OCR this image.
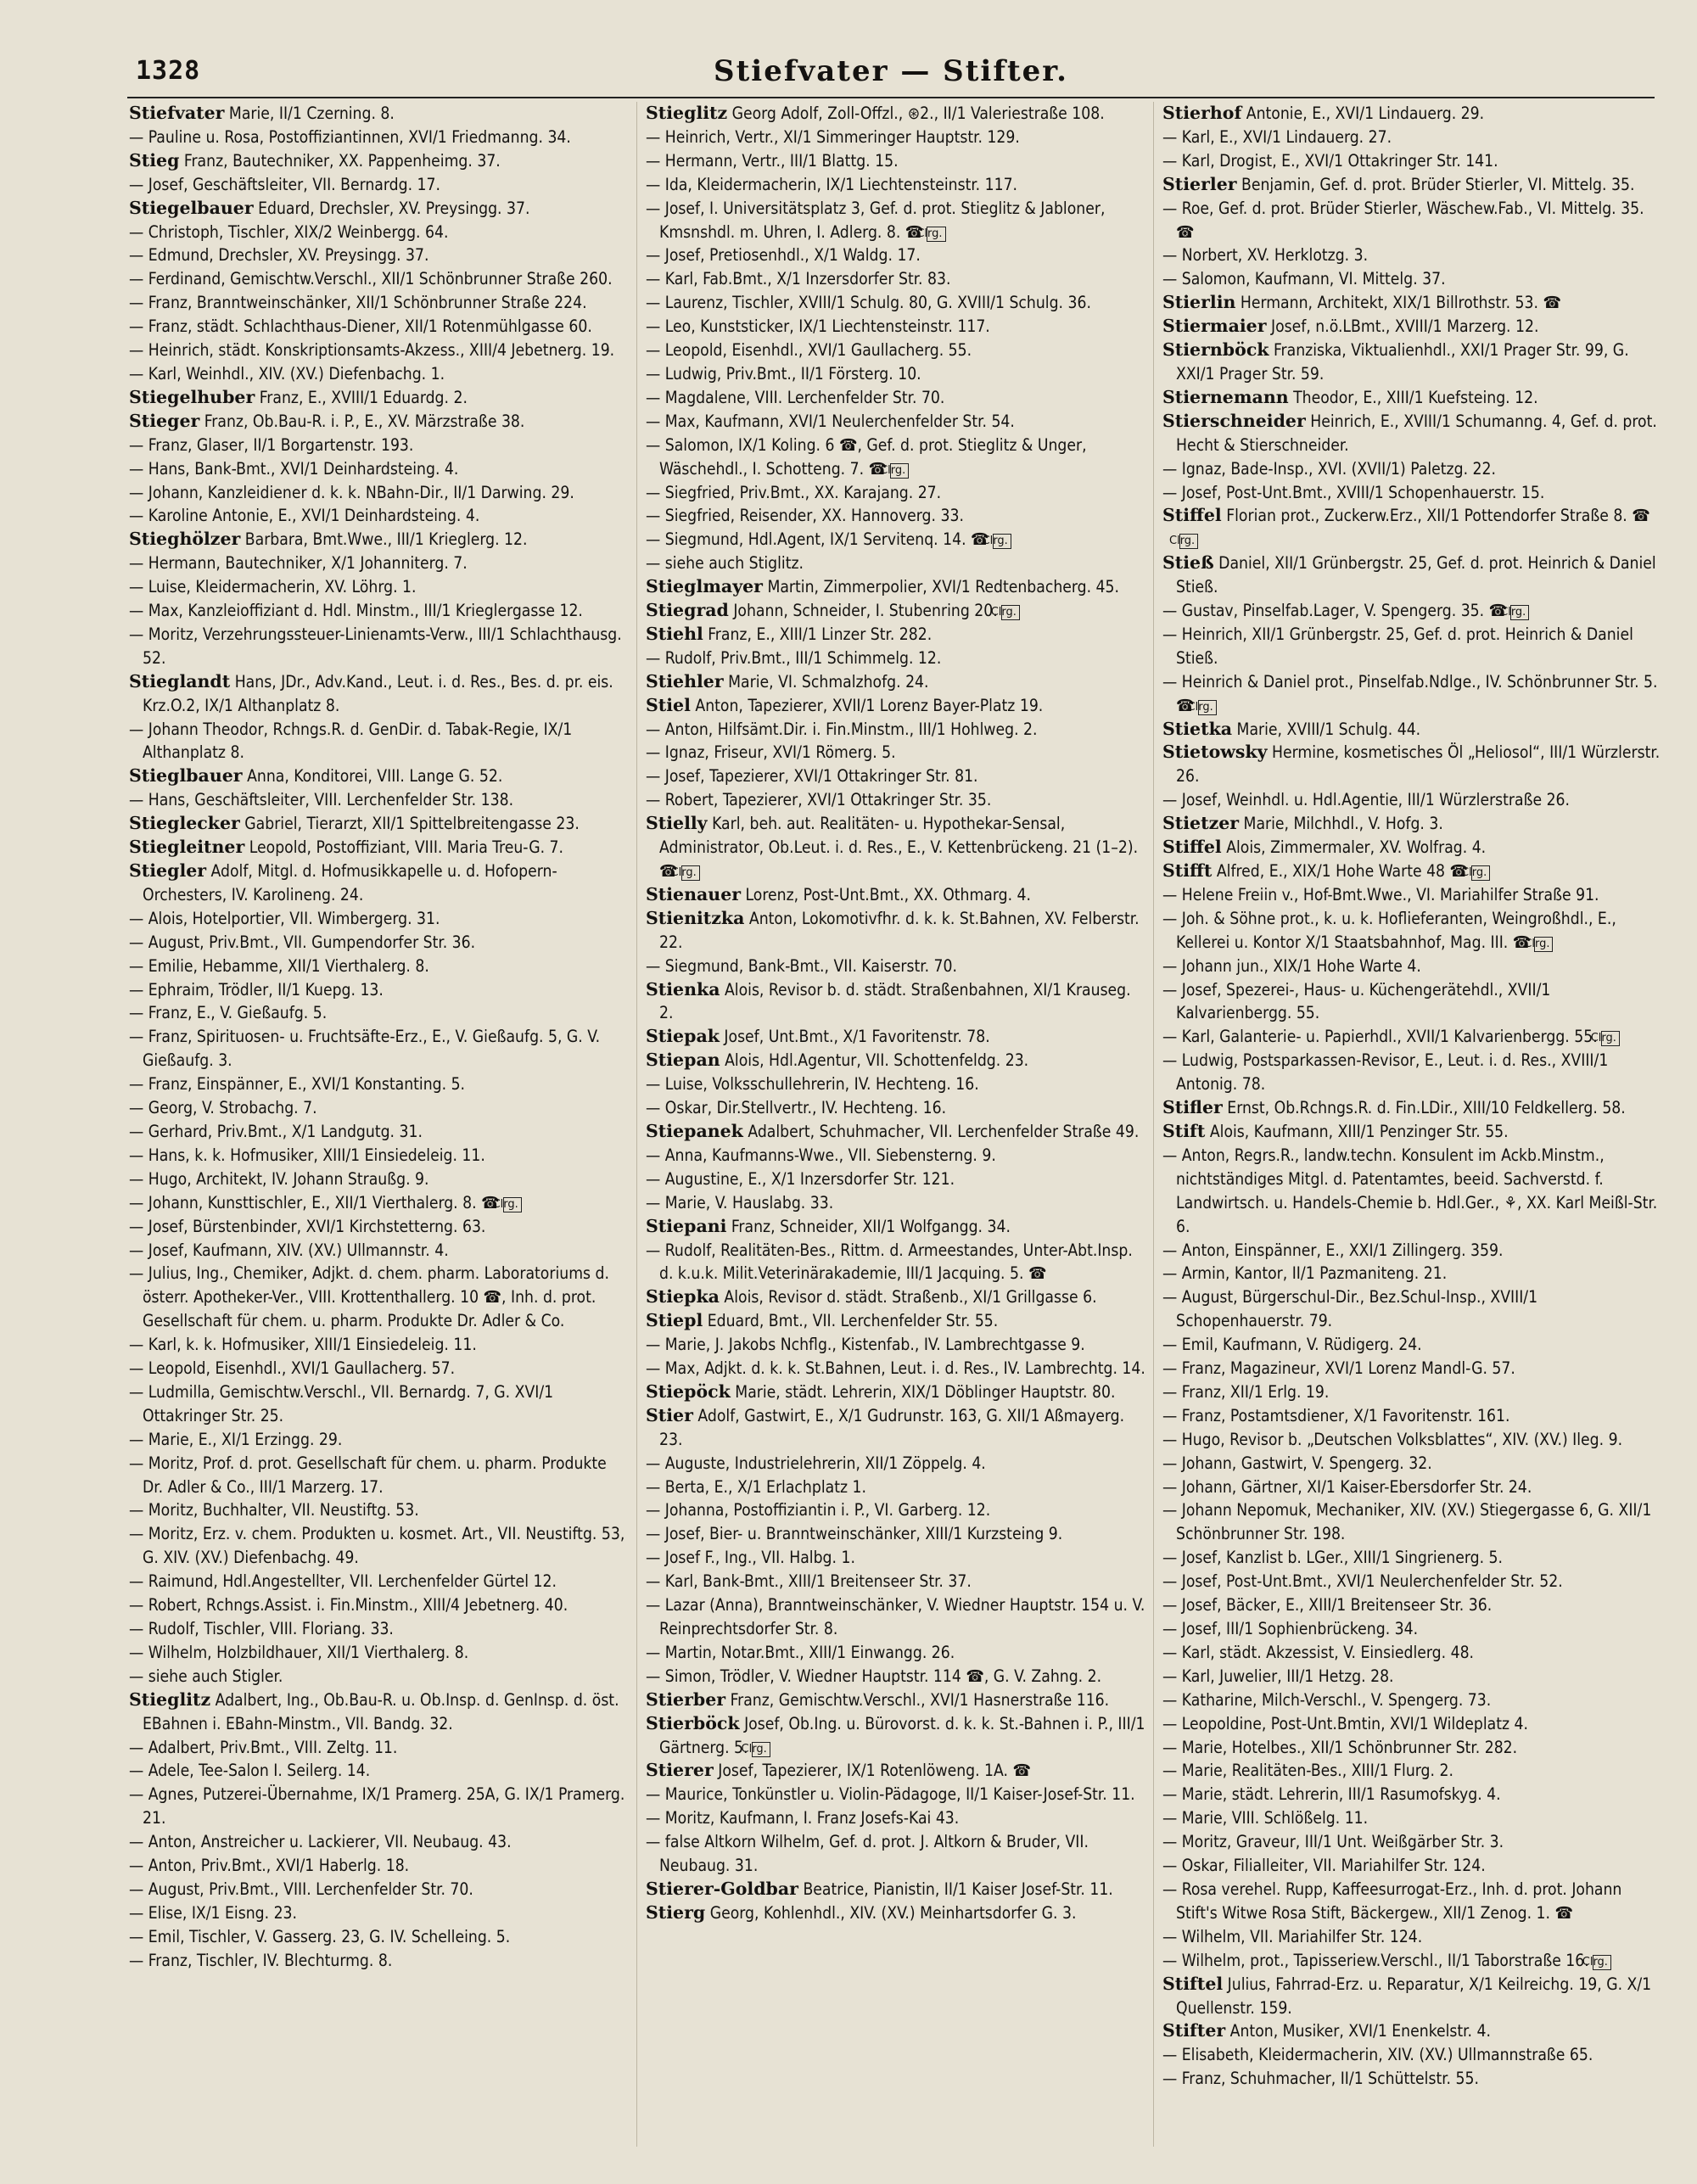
1328	Stiefvater — Stifter.
Stiefvater Marie, II/1 Czerning. 8.
— Pauline u. Rosa, Postoffiziantinnen, XVI/1 Friedmanng. 34.
Stieg Franz, Bautechniker, XX. Pappenheimg. 37.
— Josef, Geschäftsleiter, VII. Bernardg. 17.
Stiegelbauer Eduard, Drechsler, XV. Preysingg. 37.
— Christoph, Tischler, XIX/2 Weinbergg. 64.
— Edmund, Drechsler, XV. Preysingg. 37.
— Ferdinand, Gemischtw.Verschl., XII/1 Schönbrunner Straße 260.
— Franz, Branntweinschänker, XII/1 Schönbrunner Straße 224.
— Franz, städt. Schlachthaus-Diener, XII/1 Rotenmühlgasse 60.
— Heinrich, städt. Konskriptionsamts-Akzess., XIII/4 Jebetnerg. 19.
— Karl, Weinhdl., XIV. (XV.) Diefenbachg. 1.
Stiegelhuber Franz, E., XVIII/1 Eduardg. 2.
Stieger Franz, Ob.Bau-R. i. P., E., XV. Märzstraße 38.
— Franz, Glaser, II/1 Borgartenstr. 193.
— Hans, Bank-Bmt., XVI/1 Deinhardsteing. 4.
— Johann, Kanzleidiener d. k. k. NBahn-Dir., II/1 Darwing. 29.
— Karoline Antonie, E., XVI/1 Deinhardsteing. 4.
Stieghölzer Barbara, Bmt.Wwe., III/1 Krieglerg. 12.
— Hermann, Bautechniker, X/1 Johanniterg. 7.
— Luise, Kleidermacherin, XV. Löhrg. 1.
— Max, Kanzleioffiziant d. Hdl. Minstm., III/1 Krieglergasse 12.
— Moritz, Verzehrungssteuer-Linienamts-Verw., III/1 Schlachthausg. 52.
Stieglandt Hans, JDr., Adv.Kand., Leut. i. d. Res., Bes. d. pr. eis. Krz.O.2, IX/1 Althanplatz 8.
— Johann Theodor, Rchngs.R. d. GenDir. d. Tabak-Regie, IX/1 Althanplatz 8.
Stieglbauer Anna, Konditorei, VIII. Lange G. 52.
— Hans, Geschäftsleiter, VIII. Lerchenfelder Str. 138.
Stieglecker Gabriel, Tierarzt, XII/1 Spittelbreitengasse 23.
Stiegleitner Leopold, Postoffiziant, VIII. Maria Treu-G. 7.
Stiegler Adolf, Mitgl. d. Hofmusikkapelle u. d. Hofopern-Orchesters, IV. Karolineng. 24.
— Alois, Hotelportier, VII. Wimbergerg. 31.
— August, Priv.Bmt., VII. Gumpendorfer Str. 36.
— Emilie, Hebamme, XII/1 Vierthalerg. 8.
— Ephraim, Trödler, II/1 Kuepg. 13.
— Franz, E., V. Gießaufg. 5.
— Franz, Spirituosen- u. Fruchtsäfte-Erz., E., V. Gießaufg. 5, G. V. Gießaufg. 3.
— Franz, Einspänner, E., XVI/1 Konstanting. 5.
— Georg, V. Strobachg. 7.
— Gerhard, Priv.Bmt., X/1 Landgutg. 31.
— Hans, k. k. Hofmusiker, XIII/1 Einsiedeleig. 11.
— Hugo, Architekt, IV. Johann Straußg. 9.
— Johann, Kunsttischler, E., XII/1 Vierthalerg. 8. ☎Clrg.
— Josef, Bürstenbinder, XVI/1 Kirchstetterng. 63.
— Josef, Kaufmann, XIV. (XV.) Ullmannstr. 4.
— Julius, Ing., Chemiker, Adjkt. d. chem. pharm. Laboratoriums d. österr. Apotheker-Ver., VIII. Krottenthallerg. 10 ☎, Inh. d. prot. Gesellschaft für chem. u. pharm. Produkte Dr. Adler & Co.
— Karl, k. k. Hofmusiker, XIII/1 Einsiedeleig. 11.
— Leopold, Eisenhdl., XVI/1 Gaullacherg. 57.
— Ludmilla, Gemischtw.Verschl., VII. Bernardg. 7, G. XVI/1 Ottakringer Str. 25.
— Marie, E., XI/1 Erzingg. 29.
— Moritz, Prof. d. prot. Gesellschaft für chem. u. pharm. Produkte Dr. Adler & Co., III/1 Marzerg. 17.
— Moritz, Buchhalter, VII. Neustiftg. 53.
— Moritz, Erz. v. chem. Produkten u. kosmet. Art., VII. Neustiftg. 53, G. XIV. (XV.) Diefenbachg. 49.
— Raimund, Hdl.Angestellter, VII. Lerchenfelder Gürtel 12.
— Robert, Rchngs.Assist. i. Fin.Minstm., XIII/4 Jebetnerg. 40.
— Rudolf, Tischler, VIII. Floriang. 33.
— Wilhelm, Holzbildhauer, XII/1 Vierthalerg. 8.
— siehe auch Stigler.
Stieglitz Adalbert, Ing., Ob.Bau-R. u. Ob.Insp. d. GenInsp. d. öst. EBahnen i. EBahn-Minstm., VII. Bandg. 32.
— Adalbert, Priv.Bmt., VIII. Zeltg. 11.
— Adele, Tee-Salon I. Seilerg. 14.
— Agnes, Putzerei-Übernahme, IX/1 Pramerg. 25A, G. IX/1 Pramerg. 21.
— Anton, Anstreicher u. Lackierer, VII. Neubaug. 43.
— Anton, Priv.Bmt., XVI/1 Haberlg. 18.
— August, Priv.Bmt., VIII. Lerchenfelder Str. 70.
— Elise, IX/1 Eisng. 23.
— Emil, Tischler, V. Gasserg. 23, G. IV. Schelleing. 5.
— Franz, Tischler, IV. Blechturmg. 8.
Stieglitz Georg Adolf, Zoll-Offzl., ⊛2., II/1 Valeriestraße 108.
— Heinrich, Vertr., XI/1 Simmeringer Hauptstr. 129.
— Hermann, Vertr., III/1 Blattg. 15.
— Ida, Kleidermacherin, IX/1 Liechtensteinstr. 117.
— Josef, I. Universitätsplatz 3, Gef. d. prot. Stieglitz & Jabloner, Kmsnshdl. m. Uhren, I. Adlerg. 8. ☎Clrg.
— Josef, Pretiosenhdl., X/1 Waldg. 17.
— Karl, Fab.Bmt., X/1 Inzersdorfer Str. 83.
— Laurenz, Tischler, XVIII/1 Schulg. 80, G. XVIII/1 Schulg. 36.
— Leo, Kunststicker, IX/1 Liechtensteinstr. 117.
— Leopold, Eisenhdl., XVI/1 Gaullacherg. 55.
— Ludwig, Priv.Bmt., II/1 Försterg. 10.
— Magdalene, VIII. Lerchenfelder Str. 70.
— Max, Kaufmann, XVI/1 Neulerchenfelder Str. 54.
— Salomon, IX/1 Koling. 6 ☎, Gef. d. prot. Stieglitz & Unger, Wäschehdl., I. Schotteng. 7. ☎Clrg.
— Siegfried, Priv.Bmt., XX. Karajang. 27.
— Siegfried, Reisender, XX. Hannoverg. 33.
— Siegmund, Hdl.Agent, IX/1 Servitenq. 14. ☎Clrg.
— siehe auch Stiglitz.
Stieglmayer Martin, Zimmerpolier, XVI/1 Redtenbacherg. 45.
Stiegrad Johann, Schneider, I. Stubenring 20.Clrg.
Stiehl Franz, E., XIII/1 Linzer Str. 282.
— Rudolf, Priv.Bmt., III/1 Schimmelg. 12.
Stiehler Marie, VI. Schmalzhofg. 24.
Stiel Anton, Tapezierer, XVII/1 Lorenz Bayer-Platz 19.
— Anton, Hilfsämt.Dir. i. Fin.Minstm., III/1 Hohlweg. 2.
— Ignaz, Friseur, XVI/1 Römerg. 5.
— Josef, Tapezierer, XVI/1 Ottakringer Str. 81.
— Robert, Tapezierer, XVI/1 Ottakringer Str. 35.
Stielly Karl, beh. aut. Realitäten- u. Hypothekar-Sensal, Administrator, Ob.Leut. i. d. Res., E., V. Kettenbrückeng. 21 (1–2). ☎Clrg.
Stienauer Lorenz, Post-Unt.Bmt., XX. Othmarg. 4.
Stienitzka Anton, Lokomotivfhr. d. k. k. St.Bahnen, XV. Felberstr. 22.
— Siegmund, Bank-Bmt., VII. Kaiserstr. 70.
Stienka Alois, Revisor b. d. städt. Straßenbahnen, XI/1 Krauseg. 2.
Stiepak Josef, Unt.Bmt., X/1 Favoritenstr. 78.
Stiepan Alois, Hdl.Agentur, VII. Schottenfeldg. 23.
— Luise, Volksschullehrerin, IV. Hechteng. 16.
— Oskar, Dir.Stellvertr., IV. Hechteng. 16.
Stiepanek Adalbert, Schuhmacher, VII. Lerchenfelder Straße 49.
— Anna, Kaufmanns-Wwe., VII. Siebensterng. 9.
— Augustine, E., X/1 Inzersdorfer Str. 121.
— Marie, V. Hauslabg. 33.
Stiepani Franz, Schneider, XII/1 Wolfgangg. 34.
— Rudolf, Realitäten-Bes., Rittm. d. Armeestandes, Unter-Abt.Insp. d. k.u.k. Milit.Veterinärakademie, III/1 Jacquing. 5. ☎
Stiepka Alois, Revisor d. städt. Straßenb., XI/1 Grillgasse 6.
Stiepl Eduard, Bmt., VII. Lerchenfelder Str. 55.
— Marie, J. Jakobs Nchflg., Kistenfab., IV. Lambrechtgasse 9.
— Max, Adjkt. d. k. k. St.Bahnen, Leut. i. d. Res., IV. Lambrechtg. 14.
Stiepöck Marie, städt. Lehrerin, XIX/1 Döblinger Hauptstr. 80.
Stier Adolf, Gastwirt, E., X/1 Gudrunstr. 163, G. XII/1 Aßmayerg. 23.
— Auguste, Industrielehrerin, XII/1 Zöppelg. 4.
— Berta, E., X/1 Erlachplatz 1.
— Johanna, Postoffiziantin i. P., VI. Garberg. 12.
— Josef, Bier- u. Branntweinschänker, XIII/1 Kurzsteing 9.
— Josef F., Ing., VII. Halbg. 1.
— Karl, Bank-Bmt., XIII/1 Breitenseer Str. 37.
— Lazar (Anna), Branntweinschänker, V. Wiedner Hauptstr. 154 u. V. Reinprechtsdorfer Str. 8.
— Martin, Notar.Bmt., XIII/1 Einwangg. 26.
— Simon, Trödler, V. Wiedner Hauptstr. 114 ☎, G. V. Zahng. 2.
Stierber Franz, Gemischtw.Verschl., XVI/1 Hasnerstraße 116.
Stierböck Josef, Ob.Ing. u. Bürovorst. d. k. k. St.-Bahnen i. P., III/1 Gärtnerg. 5.Clrg.
Stierer Josef, Tapezierer, IX/1 Rotenlöweng. 1A. ☎
— Maurice, Tonkünstler u. Violin-Pädagoge, II/1 Kaiser-Josef-Str. 11.
— Moritz, Kaufmann, I. Franz Josefs-Kai 43.
— false Altkorn Wilhelm, Gef. d. prot. J. Altkorn & Bruder, VII. Neubaug. 31.
Stierer-Goldbar Beatrice, Pianistin, II/1 Kaiser Josef-Str. 11.
Stierg Georg, Kohlenhdl., XIV. (XV.) Meinhartsdorfer G. 3.
Stierhof Antonie, E., XVI/1 Lindauerg. 29.
— Karl, E., XVI/1 Lindauerg. 27.
— Karl, Drogist, E., XVI/1 Ottakringer Str. 141.
Stierler Benjamin, Gef. d. prot. Brüder Stierler, VI. Mittelg. 35.
— Roe, Gef. d. prot. Brüder Stierler, Wäschew.Fab., VI. Mittelg. 35. ☎
— Norbert, XV. Herklotzg. 3.
— Salomon, Kaufmann, VI. Mittelg. 37.
Stierlin Hermann, Architekt, XIX/1 Billrothstr. 53. ☎
Stiermaier Josef, n.ö.LBmt., XVIII/1 Marzerg. 12.
Stiernböck Franziska, Viktualienhdl., XXI/1 Prager Str. 99, G. XXI/1 Prager Str. 59.
Stiernemann Theodor, E., XIII/1 Kuefsteing. 12.
Stierschneider Heinrich, E., XVIII/1 Schumanng. 4, Gef. d. prot. Hecht & Stierschneider.
— Ignaz, Bade-Insp., XVI. (XVII/1) Paletzg. 22.
— Josef, Post-Unt.Bmt., XVIII/1 Schopenhauerstr. 15.
Stiffel Florian prot., Zuckerw.Erz., XII/1 Pottendorfer Straße 8. ☎Clrg.
Stieß Daniel, XII/1 Grünbergstr. 25, Gef. d. prot. Heinrich & Daniel Stieß.
— Gustav, Pinselfab.Lager, V. Spengerg. 35. ☎Clrg.
— Heinrich, XII/1 Grünbergstr. 25, Gef. d. prot. Heinrich & Daniel Stieß.
— Heinrich & Daniel prot., Pinselfab.Ndlge., IV. Schönbrunner Str. 5. ☎Clrg.
Stietka Marie, XVIII/1 Schulg. 44.
Stietowsky Hermine, kosmetisches Öl „Heliosol“, III/1 Würzlerstr. 26.
— Josef, Weinhdl. u. Hdl.Agentie, III/1 Würzlerstraße 26.
Stietzer Marie, Milchhdl., V. Hofg. 3.
Stiffel Alois, Zimmermaler, XV. Wolfrag. 4.
Stifft Alfred, E., XIX/1 Hohe Warte 48 ☎Clrg.
— Helene Freiin v., Hof-Bmt.Wwe., VI. Mariahilfer Straße 91.
— Joh. & Söhne prot., k. u. k. Hoflieferanten, Weingroßhdl., E., Kellerei u. Kontor X/1 Staatsbahnhof, Mag. III. ☎Clrg.
— Johann jun., XIX/1 Hohe Warte 4.
— Josef, Spezerei-, Haus- u. Küchengerätehdl., XVII/1 Kalvarienbergg. 55.
— Karl, Galanterie- u. Papierhdl., XVII/1 Kalvarienbergg. 55.Clrg.
— Ludwig, Postsparkassen-Revisor, E., Leut. i. d. Res., XVIII/1 Antonig. 78.
Stifler Ernst, Ob.Rchngs.R. d. Fin.LDir., XIII/10 Feldkellerg. 58.
Stift Alois, Kaufmann, XIII/1 Penzinger Str. 55.
— Anton, Regrs.R., landw.techn. Konsulent im Ackb.Minstm., nichtständiges Mitgl. d. Patentamtes, beeid. Sachverstd. f. Landwirtsch. u. Handels-Chemie b. Hdl.Ger., ⚘, XX. Karl Meißl-Str. 6.
— Anton, Einspänner, E., XXI/1 Zillingerg. 359.
— Armin, Kantor, II/1 Pazmaniteng. 21.
— August, Bürgerschul-Dir., Bez.Schul-Insp., XVIII/1 Schopenhauerstr. 79.
— Emil, Kaufmann, V. Rüdigerg. 24.
— Franz, Magazineur, XVI/1 Lorenz Mandl-G. 57.
— Franz, XII/1 Erlg. 19.
— Franz, Postamtsdiener, X/1 Favoritenstr. 161.
— Hugo, Revisor b. „Deutschen Volksblattes“, XIV. (XV.) Ileg. 9.
— Johann, Gastwirt, V. Spengerg. 32.
— Johann, Gärtner, XI/1 Kaiser-Ebersdorfer Str. 24.
— Johann Nepomuk, Mechaniker, XIV. (XV.) Stiegergasse 6, G. XII/1 Schönbrunner Str. 198.
— Josef, Kanzlist b. LGer., XIII/1 Singrienerg. 5.
— Josef, Post-Unt.Bmt., XVI/1 Neulerchenfelder Str. 52.
— Josef, Bäcker, E., XIII/1 Breitenseer Str. 36.
— Josef, III/1 Sophienbrückeng. 34.
— Karl, städt. Akzessist, V. Einsiedlerg. 48.
— Karl, Juwelier, III/1 Hetzg. 28.
— Katharine, Milch-Verschl., V. Spengerg. 73.
— Leopoldine, Post-Unt.Bmtin, XVI/1 Wildeplatz 4.
— Marie, Hotelbes., XII/1 Schönbrunner Str. 282.
— Marie, Realitäten-Bes., XIII/1 Flurg. 2.
— Marie, städt. Lehrerin, III/1 Rasumofskyg. 4.
— Marie, VIII. Schlößelg. 11.
— Moritz, Graveur, III/1 Unt. Weißgärber Str. 3.
— Oskar, Filialleiter, VII. Mariahilfer Str. 124.
— Rosa verehel. Rupp, Kaffeesurrogat-Erz., Inh. d. prot. Johann Stift's Witwe Rosa Stift, Bäckergew., XII/1 Zenog. 1. ☎
— Wilhelm, VII. Mariahilfer Str. 124.
— Wilhelm, prot., Tapisseriew.Verschl., II/1 Taborstraße 16.Clrg.
Stiftel Julius, Fahrrad-Erz. u. Reparatur, X/1 Keilreichg. 19, G. X/1 Quellenstr. 159.
Stifter Anton, Musiker, XVI/1 Enenkelstr. 4.
— Elisabeth, Kleidermacherin, XIV. (XV.) Ullmannstraße 65.
— Franz, Schuhmacher, II/1 Schüttelstr. 55.
